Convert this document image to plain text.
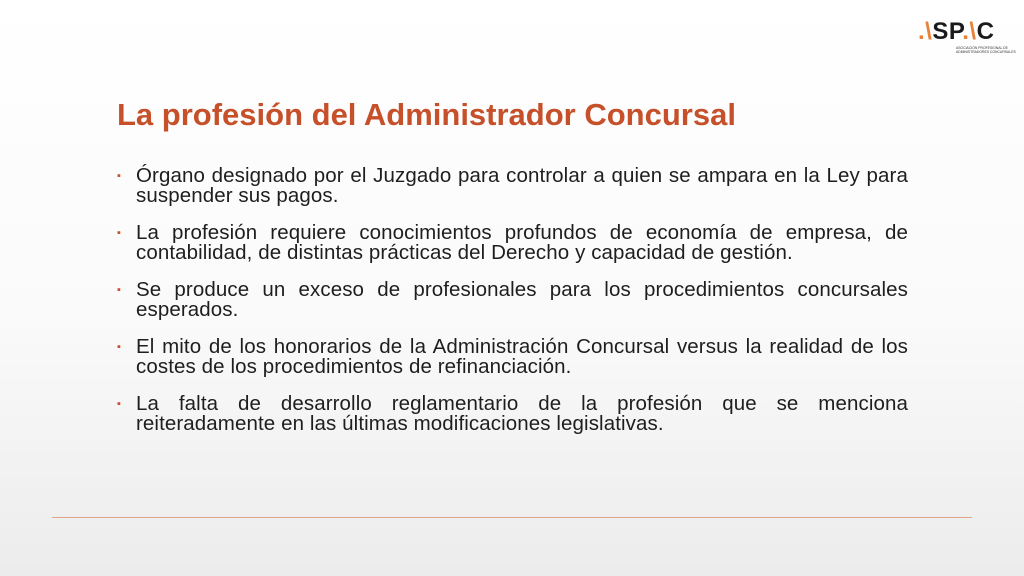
.\SP.\C
ASOCIACIÓN PROFESIONAL DE ADMINISTRADORES CONCURSALES
La profesión del Administrador Concursal
▪ Órgano designado por el Juzgado para controlar a quien se ampara en la Ley para suspender sus pagos.
▪ La profesión requiere conocimientos profundos de economía de empresa, de contabilidad, de distintas prácticas del Derecho y capacidad de gestión.
▪ Se produce un exceso de profesionales para los procedimientos concursales esperados.
▪ El mito de los honorarios de la Administración Concursal versus la realidad de los costes de los procedimientos de refinanciación.
▪ La falta de desarrollo reglamentario de la profesión que se menciona reiteradamente en las últimas modificaciones legislativas.
